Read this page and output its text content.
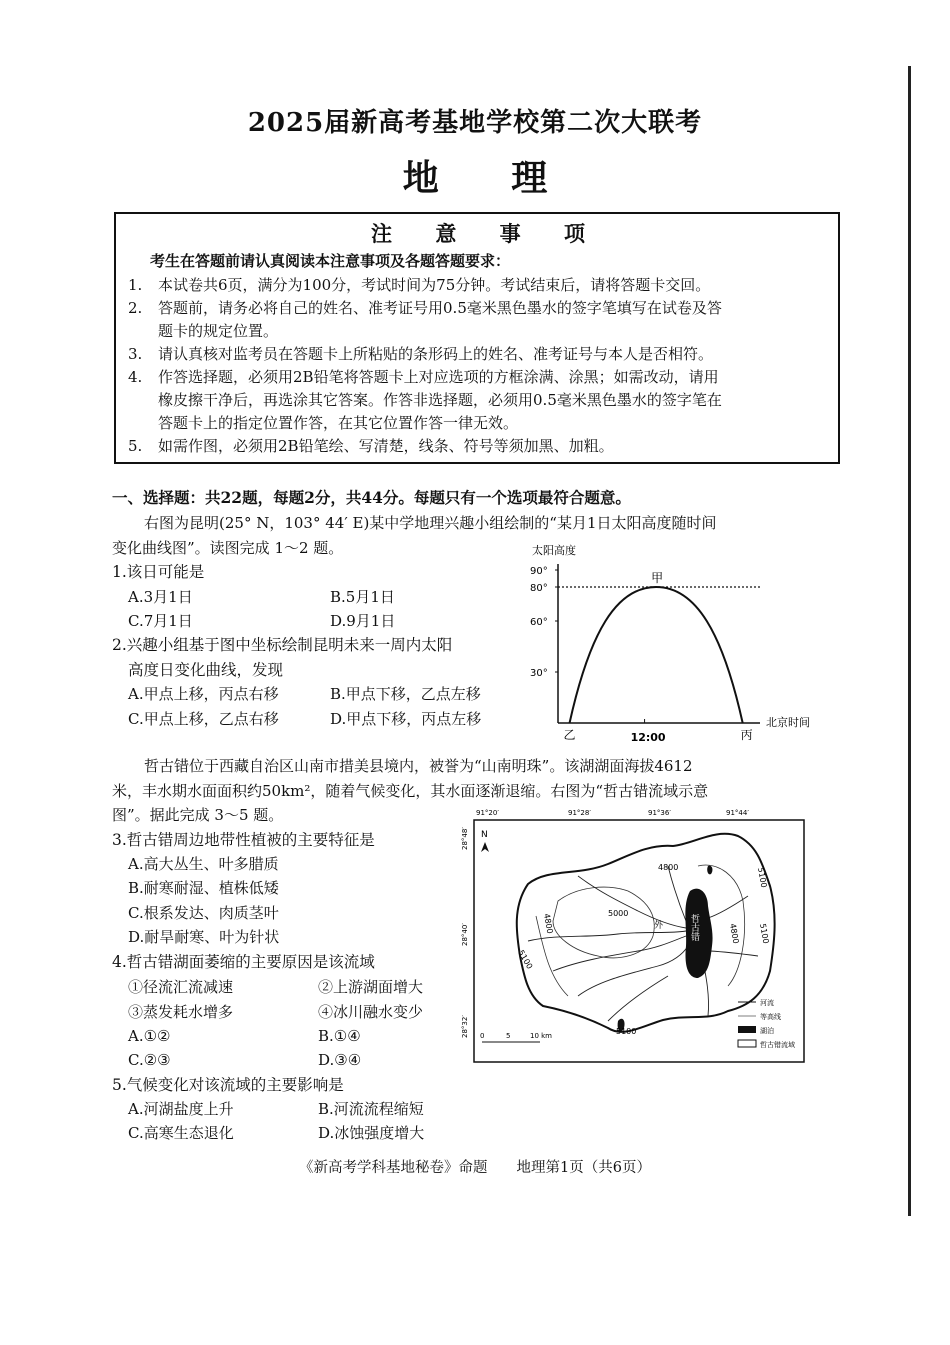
2025届新高考基地学校第二次大联考
地 理
注 意 事 项
考生在答题前请认真阅读本注意事项及各题答题要求：
1.	本试卷共6页，满分为100分，考试时间为75分钟。考试结束后，请将答题卡交回。
2.	答题前，请务必将自己的姓名、准考证号用0.5毫米黑色墨水的签字笔填写在试卷及答
题卡的规定位置。
3.	请认真核对监考员在答题卡上所粘贴的条形码上的姓名、准考证号与本人是否相符。
4.	作答选择题，必须用2B铅笔将答题卡上对应选项的方框涂满、涂黑；如需改动，请用
橡皮擦干净后，再选涂其它答案。作答非选择题，必须用0.5毫米黑色墨水的签字笔在
答题卡上的指定位置作答，在其它位置作答一律无效。
5.	如需作图，必须用2B铅笔绘、写清楚，线条、符号等须加黑、加粗。
一、选择题：共22题，每题2分，共44分。每题只有一个选项最符合题意。
右图为昆明(25° N，103° 44′ E)某中学地理兴趣小组绘制的“某月1日太阳高度随时间
变化曲线图”。读图完成 1～2 题。
1.该日可能是
A.3月1日	B.5月1日
C.7月1日	D.9月1日
2.兴趣小组基于图中坐标绘制昆明未来一周内太阳
高度日变化曲线，发现
A.甲点上移，丙点右移	B.甲点下移，乙点左移
C.甲点上移，乙点右移	D.甲点下移，丙点左移
太阳高度
北京时间
90°
80°
60°
30°
12:00
乙
甲
丙
哲古错位于西藏自治区山南市措美县境内，被誉为“山南明珠”。该湖湖面海拔4612
米，丰水期水面面积约50km²，随着气候变化，其水面逐渐退缩。右图为“哲古错流域示意
图”。据此完成 3～5 题。
3.哲古错周边地带性植被的主要特征是
A.高大丛生、叶多腊质
B.耐寒耐湿、植株低矮
C.根系发达、肉质茎叶
D.耐旱耐寒、叶为针状
4.哲古错湖面萎缩的主要原因是该流域
①径流汇流减速	②上游湖面增大
③蒸发耗水增多	④冰川融水变少
A.①②	B.①④
C.②③	D.③④
5.气候变化对该流域的主要影响是
A.河湖盐度上升	B.河流流程缩短
C.高寒生态退化	D.冰蚀强度增大
91°20′	91°28′	91°36′	91°44′
28°48′
28°40′
28°32′
N
哲古错
4800	5100
4800	5000
5100
5100
4800
5100
外
0	5	10 km
河流
等高线
湖泊
哲古错流域
《新高考学科基地秘卷》命题　　地理第1页（共6页）
